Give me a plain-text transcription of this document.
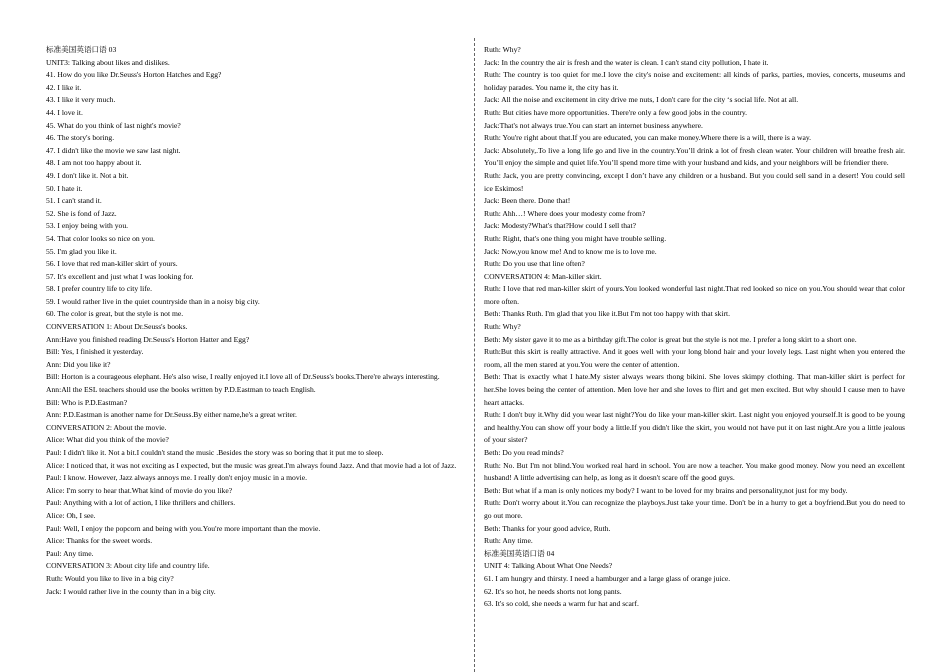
标准美国英语口语 03
UNIT3: Talking about likes and dislikes.
41. How do you like Dr.Seuss's Horton Hatches and Egg?
42. I like it.
43. I like it very much.
44. I love it.
45. What do you think of last night's movie?
46. The story's boring.
47. I didn't like the movie we saw last night.
48. I am not too happy about it.
49. I don't like it. Not a bit.
50. I hate it.
51. I can't stand it.
52. She is fond of Jazz.
53. I enjoy being with you.
54. That color looks so nice on you.
55. I'm glad you like it.
56. I love that red man-killer skirt of yours.
57. It's excellent and just what I was looking for.
58. I prefer country life to city life.
59. I would rather live in the quiet countryside than in a noisy big city.
60. The color is great, but the style is not me.
CONVERSATION 1: About Dr.Seuss's books.
Ann:Have you finished reading Dr.Seuss's Horton Hatter and Egg?
Bill: Yes, I finished it yesterday.
Ann: Did you like it?
Bill: Horton is a courageous elephant. He's also wise, I really enjoyed it.I love all of Dr.Seuss's books.There're always interesting.
Ann:All the ESL teachers should use the books written by P.D.Eastman to teach English.
Bill: Who is P.D.Eastman?
Ann: P.D.Eastman is another name for Dr.Seuss.By either name,he's a great writer.
CONVERSATION 2: About the movie.
Alice: What did you think of the movie?
Paul: I didn't like it. Not a bit.I couldn't stand the music .Besides the story was so boring that it put me to sleep.
Alice: I noticed that, it was not exciting as I expected, but the music was great.I'm always found Jazz. And that movie had a lot of Jazz.
Paul: I know. However, Jazz always annoys me. I really don't enjoy music in a movie.
Alice: I'm sorry to hear that.What kind of movie do you like?
Paul: Anything with a lot of action, I like thrillers and chillers.
Alice: Oh, I see.
Paul: Well, I enjoy the popcorn and being with you.You're more important than the movie.
Alice: Thanks for the sweet words.
Paul: Any time.
CONVERSATION 3: About city life and country life.
Ruth: Would you like to live in a big city?
Jack: I would rather live in the county than in a big city.
Ruth: Why?
Jack: In the country the air is fresh and the water is clean. I can't stand city pollution, I hate it.
Ruth: The country is too quiet for me.I love the city's noise and excitement: all kinds of parks, parties, movies, concerts, museums and holiday parades. You name it, the city has it.
Jack: All the noise and excitement in city drive me nuts, I don't care for the city ‘s social life. Not at all.
Ruth: But cities have more opportunities. There're only a few good jobs in the country.
Jack:That's not always true.You can start an internet business anywhere.
Ruth: You're right about that.If you are educated, you can make money.Where there is a will, there is a way.
Jack: Absolutely,.To live a long life go and live in the country.You’ll drink a lot of fresh clean water. Your children will breathe fresh air. You’ll enjoy the simple and quiet life.You’ll spend more time with your husband and kids, and your neighbors will be friendier there.
Ruth: Jack, you are pretty convincing, except I don’t have any children or a husband. But you could sell sand in a desert! You could sell ice Eskimos!
Jack: Been there. Done that!
Ruth: Ahh…! Where does your modesty come from?
Jack: Modesty?What's that?How could I sell that?
Ruth: Right, that's one thing you might have trouble selling.
Jack: Now,you know me! And to know me is to love me.
Ruth: Do you use that line often?
CONVERSATION 4: Man-killer skirt.
Ruth: I love that red man-killer skirt of yours.You looked wonderful last night.That red looked so nice on you.You should wear that color more often.
Beth: Thanks Ruth. I'm glad that you like it.But I'm not too happy with that skirt.
Ruth: Why?
Beth: My sister gave it to me as a birthday gift.The color is great but the style is not me. I prefer a long skirt to a short one.
Ruth:But this skirt is really attractive. And it goes well with your long blond hair and your lovely legs. Last night when you entered the room, all the men stared at you.You were the center of attention.
Beth: That is exactly what I hate.My sister always wears thong bikini. She loves skimpy clothing. That man-killer skirt is perfect for her.She loves being the center of attention. Men love her and she loves to flirt and get men excited. But why should I cause men to have heart attacks.
Ruth: I don't buy it.Why did you wear last night?You do like your man-killer skirt. Last night you enjoyed yourself.It is good to be young and healthy.You can show off your body a little.If you didn't like the skirt, you would not have put it on last night.Are you a little jealous of your sister?
Beth: Do you read minds?
Ruth: No. But I'm not blind.You worked real hard in school. You are now a teacher. You make good money. Now you need an excellent husband! A little advertising can help, as long as it doesn't scare off the good guys.
Beth: But what if a man is only notices my body? I want to be loved for my brains and personality,not just for my body.
Ruth: Don't worry about it.You can recognize the playboys.Just take your time. Don't be in a hurry to get a boyfriend.But you do need to go out more.
Beth: Thanks for your good advice, Ruth.
Ruth: Any time.
标准美国英语口语 04
UNIT 4: Talking About What One Needs?
61. I am hungry and thirsty. I need a hamburger and a large glass of orange juice.
62. It's so hot, he needs shorts not long pants.
63. It's so cold, she needs a warm fur hat and scarf.
